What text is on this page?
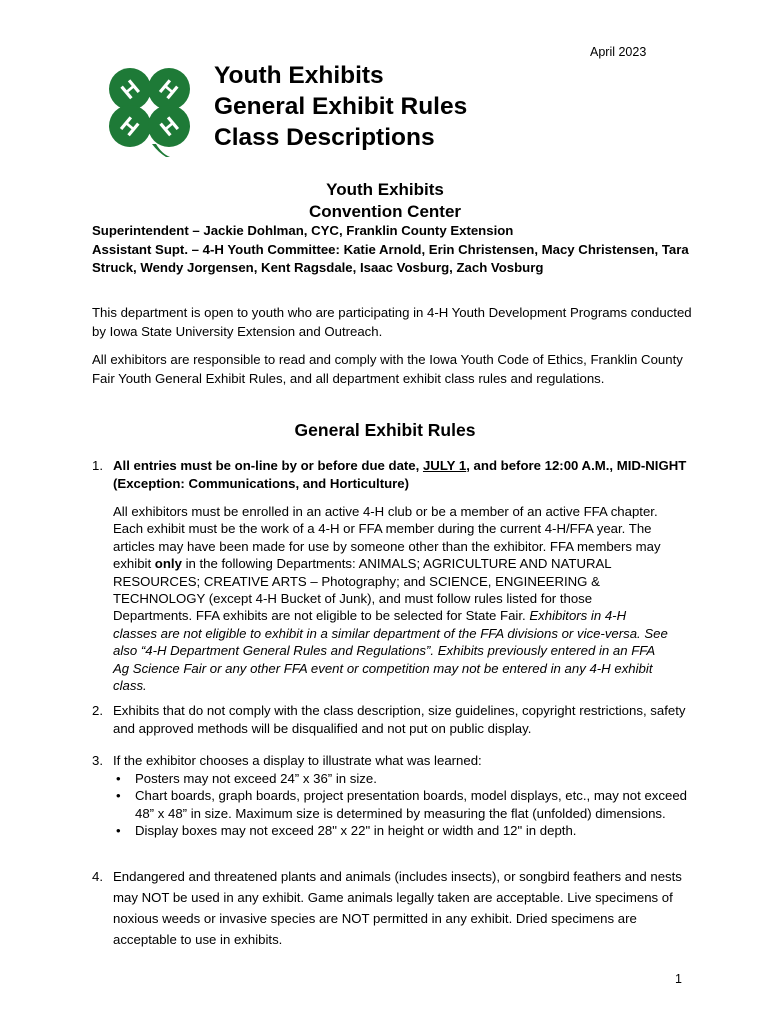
April 2023
H H
H H
Youth Exhibits
General Exhibit Rules
Class Descriptions
Youth Exhibits
Convention Center
Superintendent – Jackie Dohlman, CYC, Franklin County Extension
Assistant Supt. – 4-H Youth Committee: Katie Arnold, Erin Christensen, Macy Christensen, Tara Struck, Wendy Jorgensen, Kent Ragsdale, Isaac Vosburg, Zach Vosburg
This department is open to youth who are participating in 4-H Youth Development Programs conducted by Iowa State University Extension and Outreach.
All exhibitors are responsible to read and comply with the Iowa Youth Code of Ethics, Franklin County Fair Youth General Exhibit Rules, and all department exhibit class rules and regulations.
General Exhibit Rules
1. All entries must be on-line by or before due date, JULY 1, and before 12:00 A.M., MID-NIGHT (Exception: Communications, and Horticulture)
All exhibitors must be enrolled in an active 4-H club or be a member of an active FFA chapter. Each exhibit must be the work of a 4-H or FFA member during the current 4-H/FFA year. The articles may have been made for use by someone other than the exhibitor. FFA members may exhibit only in the following Departments: ANIMALS; AGRICULTURE AND NATURAL RESOURCES; CREATIVE ARTS – Photography; and SCIENCE, ENGINEERING & TECHNOLOGY (except 4-H Bucket of Junk), and must follow rules listed for those Departments. FFA exhibits are not eligible to be selected for State Fair. Exhibitors in 4-H classes are not eligible to exhibit in a similar department of the FFA divisions or vice-versa. See also “4-H Department General Rules and Regulations”. Exhibits previously entered in an FFA Ag Science Fair or any other FFA event or competition may not be entered in any 4-H exhibit class.
2. Exhibits that do not comply with the class description, size guidelines, copyright restrictions, safety and approved methods will be disqualified and not put on public display.
3. If the exhibitor chooses a display to illustrate what was learned:
• Posters may not exceed 24” x 36” in size.
• Chart boards, graph boards, project presentation boards, model displays, etc., may not exceed 48” x 48” in size. Maximum size is determined by measuring the flat (unfolded) dimensions.
• Display boxes may not exceed 28" x 22" in height or width and 12" in depth.
4. Endangered and threatened plants and animals (includes insects), or songbird feathers and nests may NOT be used in any exhibit. Game animals legally taken are acceptable. Live specimens of noxious weeds or invasive species are NOT permitted in any exhibit. Dried specimens are acceptable to use in exhibits.
1
